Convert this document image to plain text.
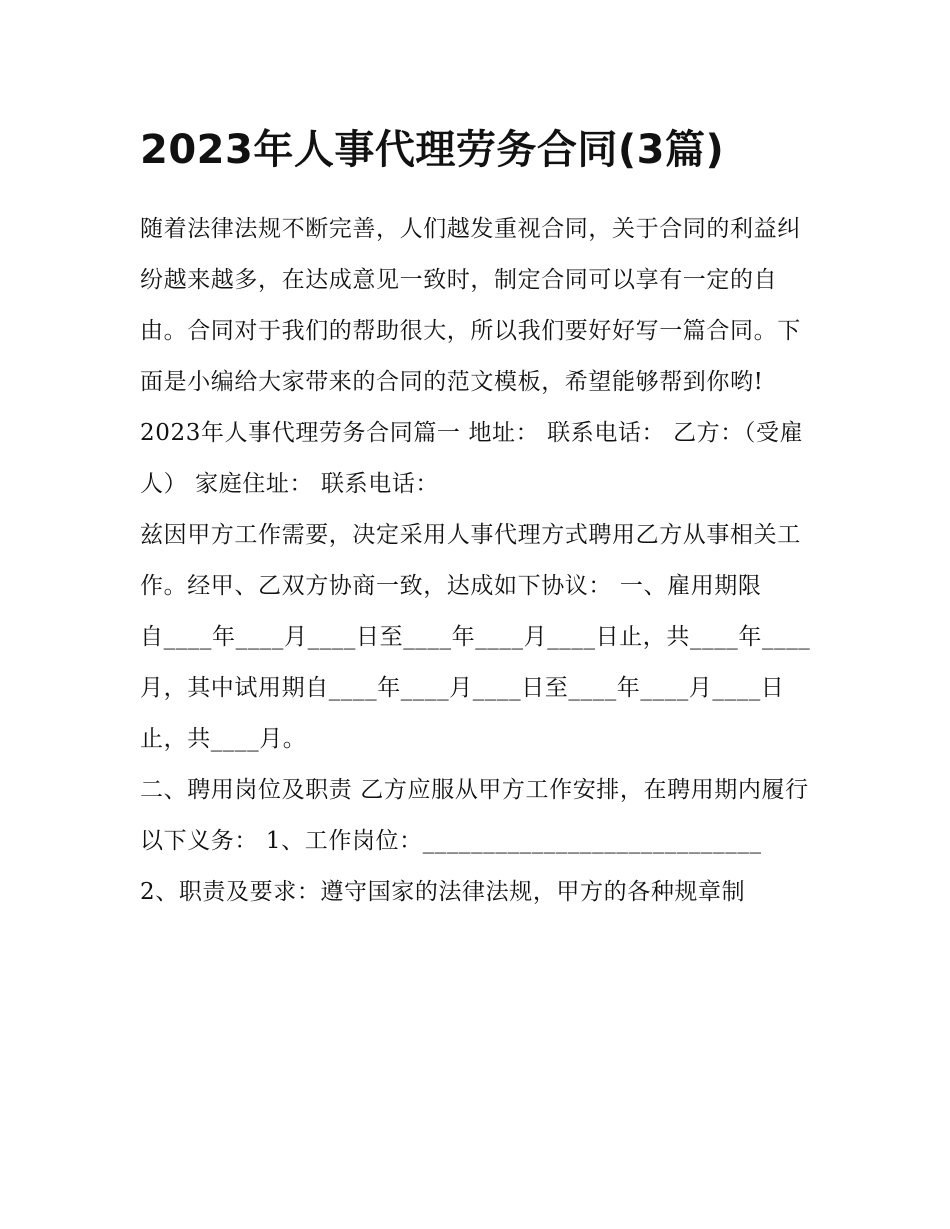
2023年人事代理劳务合同(3篇)

随着法律法规不断完善，人们越发重视合同，关于合同的利益纠纷越来越多，在达成意见一致时，制定合同可以享有一定的自由。合同对于我们的帮助很大，所以我们要好好写一篇合同。下面是小编给大家带来的合同的范文模板，希望能够帮到你哟!

2023年人事代理劳务合同篇一 地址： 联系电话： 乙方：（受雇人） 家庭住址： 联系电话：

兹因甲方工作需要，决定采用人事代理方式聘用乙方从事相关工作。经甲、乙双方协商一致，达成如下协议： 一、雇用期限

自____年____月____日至____年____月____日止，共____年____月，其中试用期自____年____月____日至____年____月____日止，共____月。

二、聘用岗位及职责 乙方应服从甲方工作安排，在聘用期内履行以下义务： 1、工作岗位：____________________________

2、职责及要求：遵守国家的法律法规，甲方的各种规章制
